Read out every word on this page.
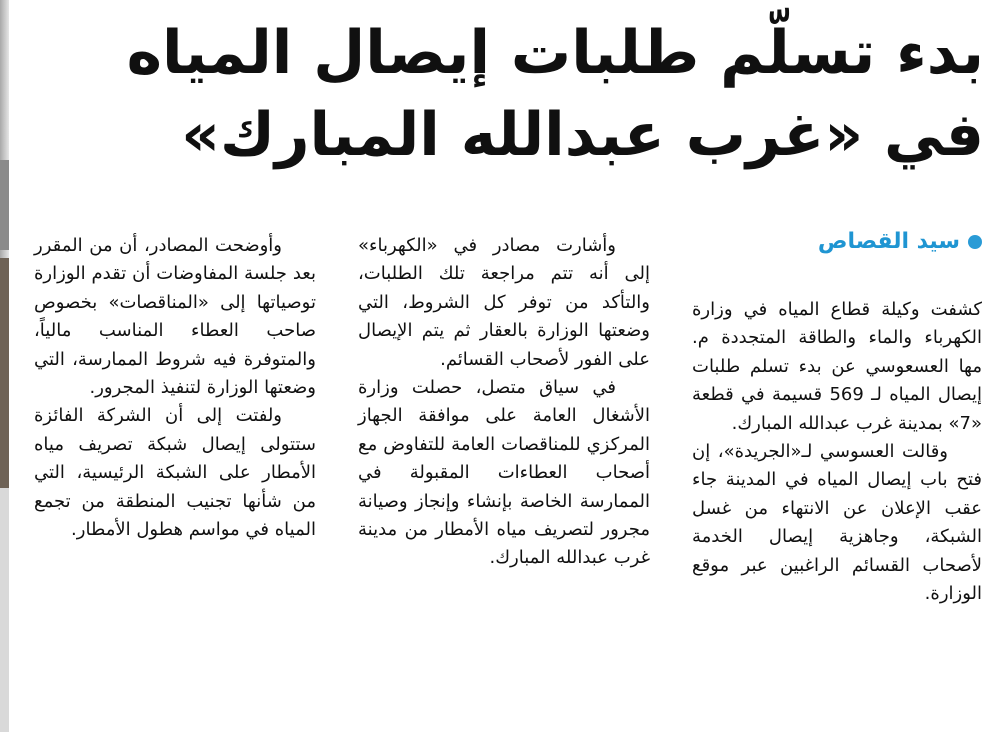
بدء تسلّم طلبات إيصال المياه
في «غرب عبدالله المبارك»
سيد القصاص

كشفت وكيلة قطاع المياه في وزارة الكهرباء والماء والطاقة المتجددة م. مها العسعوسي عن بدء تسلم طلبات إيصال المياه لـ 569 قسيمة في قطعة «7» بمدينة غرب عبدالله المبارك.

وقالت العسوسي لـ«الجريدة»، إن فتح باب إيصال المياه في المدينة جاء عقب الإعلان عن الانتهاء من غسل الشبكة، وجاهزية إيصال الخدمة لأصحاب القسائم الراغبين عبر موقع الوزارة.

وأشارت مصادر في «الكهرباء» إلى أنه تتم مراجعة تلك الطلبات، والتأكد من توفر كل الشروط، التي وضعتها الوزارة بالعقار ثم يتم الإيصال على الفور لأصحاب القسائم.

في سياق متصل، حصلت وزارة الأشغال العامة على موافقة الجهاز المركزي للمناقصات العامة للتفاوض مع أصحاب العطاءات المقبولة في الممارسة الخاصة بإنشاء وإنجاز وصيانة مجرور لتصريف مياه الأمطار من مدينة غرب عبدالله المبارك.

وأوضحت المصادر، أن من المقرر بعد جلسة المفاوضات أن تقدم الوزارة توصياتها إلى «المناقصات» بخصوص صاحب العطاء المناسب مالياً، والمتوفرة فيه شروط الممارسة، التي وضعتها الوزارة لتنفيذ المجرور.

ولفتت إلى أن الشركة الفائزة ستتولى إيصال شبكة تصريف مياه الأمطار على الشبكة الرئيسية، التي من شأنها تجنيب المنطقة من تجمع المياه في مواسم هطول الأمطار.
